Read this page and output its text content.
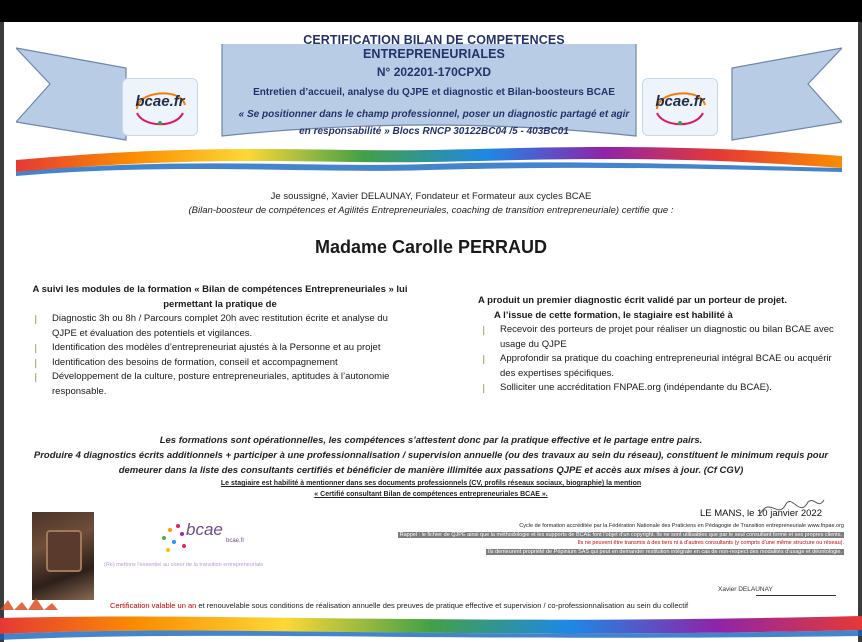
bcae.fr	bcae.fr
CERTIFICATION BILAN DE COMPETENCES ENTREPRENEURIALES
N° 202201-170CPXD
Entretien d’accueil, analyse du QJPE et diagnostic et Bilan-boosteurs BCAE
« Se positionner dans le champ professionnel, poser un diagnostic partagé et agir en responsabilité » Blocs RNCP 30122BC04 /5 - 403BC01
Je soussigné, Xavier DELAUNAY, Fondateur et Formateur aux cycles BCAE
(Bilan-boosteur de compétences et Agilités Entrepreneuriales, coaching de transition entrepreneuriale) certifie que :
Madame Carolle PERRAUD
A suivi les modules de la formation « Bilan de compétences Entrepreneuriales » lui permettant la pratique de
❘ Diagnostic 3h ou 8h / Parcours complet 20h avec restitution écrite et analyse du QJPE et évaluation des potentiels et vigilances.
❘ Identification des modèles d’entrepreneuriat ajustés à la Personne et au projet
❘ Identification des besoins de formation, conseil et accompagnement
❘ Développement de la culture, posture entrepreneuriales, aptitudes à l’autonomie responsable.
A produit un premier diagnostic écrit validé par un porteur de projet.
A l’issue de cette formation, le stagiaire est habilité à
❘ Recevoir des porteurs de projet pour réaliser un diagnostic ou bilan BCAE avec usage du QJPE
❘ Approfondir sa pratique du coaching entrepreneurial intégral BCAE ou acquérir des expertises spécifiques.
❘ Solliciter une accréditation FNPAE.org (indépendante du BCAE).
Les formations sont opérationnelles, les compétences s’attestent donc par la pratique effective et le partage entre pairs.
Produire 4 diagnostics écrits additionnels + participer à une professionnalisation / supervision annuelle (ou des travaux au sein du réseau), constituent le minimum requis pour demeurer dans la liste des consultants certifiés et bénéficier de manière illimitée aux passations QJPE et accès aux mises à jour. (Cf CGV)
Le stagiaire est habilité à mentionner dans ses documents professionnels (CV, profils réseaux sociaux, biographie) la mention
« Certifié consultant Bilan de compétences entrepreneuriales BCAE ».
bcae
bcae.fr
(Re) mettons l’essentiel au coeur de la transition entrepreneuriale
LE MANS, le 10 janvier 2022
Cycle de formation accréditée par la Fédération Nationale des Praticiens en Pédagogie de Transition entrepreneuriale www.fnpae.org
Rappel : le fichier de QJPE ainsi que la méthodologie et les supports de BCAE font l’objet d’un copyright. Ils ne sont utilisables que par le seul consultant formé et ses propres clients.
Ils ne peuvent être transmis à des tiers ni à d’autres consultants (y compris d’une même structure ou réseau).
Ils demeurent propriété de Pépinium SAS qui peut en demander restitution intégrale en cas de non-respect des modalités d’usage et déontologie.
Xavier DELAUNAY
Certification valable un an et renouvelable sous conditions de réalisation annuelle des preuves de pratique effective et supervision / co-professionnalisation au sein du collectif
